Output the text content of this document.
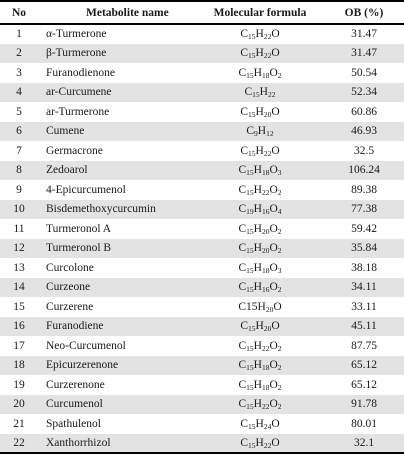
No	Metabolite name	Molecular formula	OB (%)
1	α-Turmerone	$C_{15}H_{22}O$	31.47
2	β-Turmerone	$C_{15}H_{22}O$	31.47
3	Furanodienone	$C_{15}H_{18}O_2$	50.54
4	ar-Curcumene	$C_{15}H_{22}$	52.34
5	ar-Turmerone	$C_{15}H_{20}O$	60.86
6	Cumene	$C_9H_{12}$	46.93
7	Germacrone	$C_{15}H_{22}O$	32.5
8	Zedoarol	$C_{15}H_{18}O_3$	106.24
9	4-Epicurcumenol	$C_{15}H_{22}O_2$	89.38
10	Bisdemethoxycurcumin	$C_{19}H_{16}O_4$	77.38
11	Turmeronol A	$C_{15}H_{20}O_2$	59.42
12	Turmeronol B	$C_{15}H_{20}O_2$	35.84
13	Curcolone	$C_{15}H_{18}O_3$	38.18
14	Curzeone	$C_{15}H_{16}O_2$	34.11
15	Curzerene	$C15H_{20}O$	33.11
16	Furanodiene	$C_{15}H_{20}O$	45.11
17	Neo-Curcumenol	$C_{15}H_{22}O_2$	87.75
18	Epicurzerenone	$C_{15}H_{18}O_2$	65.12
19	Curzerenone	$C_{15}H_{18}O_2$	65.12
20	Curcumenol	$C_{15}H_{22}O_2$	91.78
21	Spathulenol	$C_{15}H_{24}O$	80.01
22	Xanthorrhizol	$C_{15}H_{22}O$	32.1
